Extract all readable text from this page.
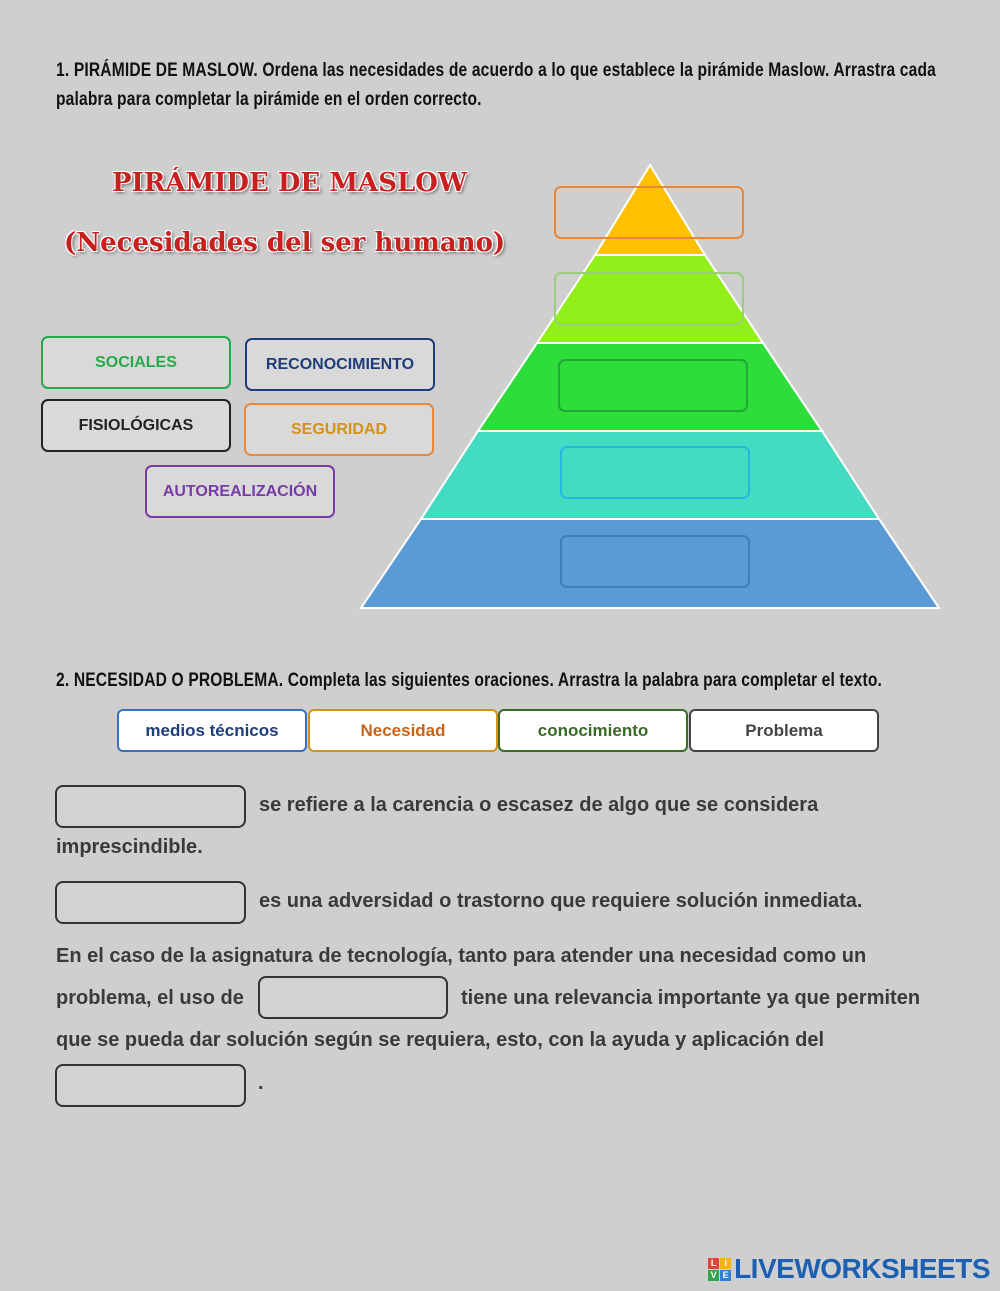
1. PIRÁMIDE DE MASLOW. Ordena las necesidades de acuerdo a lo que establece la pirámide Maslow. Arrastra cada
palabra para completar la pirámide en el orden correcto.
PIRÁMIDE DE MASLOW
(Necesidades del ser humano)
SOCIALES	RECONOCIMIENTO
FISIOLÓGICAS	SEGURIDAD
AUTOREALIZACIÓN
2. NECESIDAD O PROBLEMA. Completa las siguientes oraciones. Arrastra la palabra para completar el texto.
medios técnicos	Necesidad	conocimiento	Problema
se refiere a la carencia o escasez de algo que se considera
imprescindible.
es una adversidad o trastorno que requiere solución inmediata.
En el caso de la asignatura de tecnología, tanto para atender una necesidad como un
problema, el uso de	tiene una relevancia importante ya que permiten
que se pueda dar solución según se requiera, esto, con la ayuda y aplicación del
.
L I
V E LIVEWORKSHEETS
